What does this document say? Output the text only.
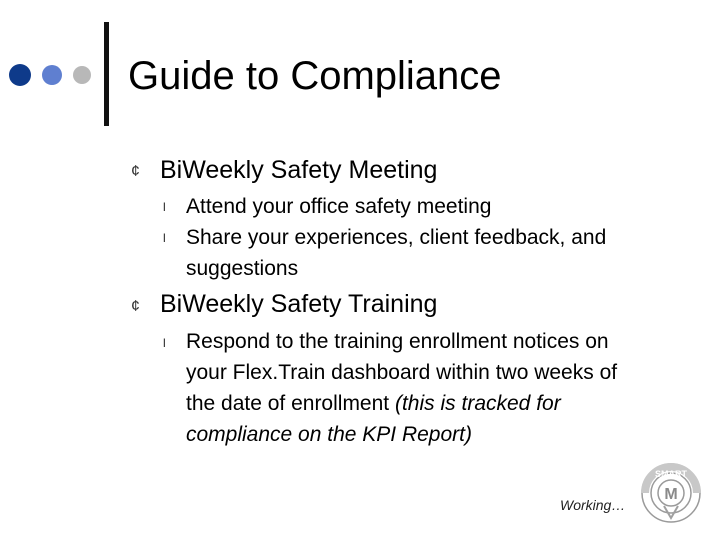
Guide to Compliance
¢ BiWeekly Safety Meeting
l Attend your office safety meeting
l Share your experiences, client feedback, and suggestions
¢ BiWeekly Safety Training
l Respond to the training enrollment notices on your Flex.Train dashboard within two weeks of the date of enrollment (this is tracked for compliance on the KPI Report)
Working…
SMART
M
